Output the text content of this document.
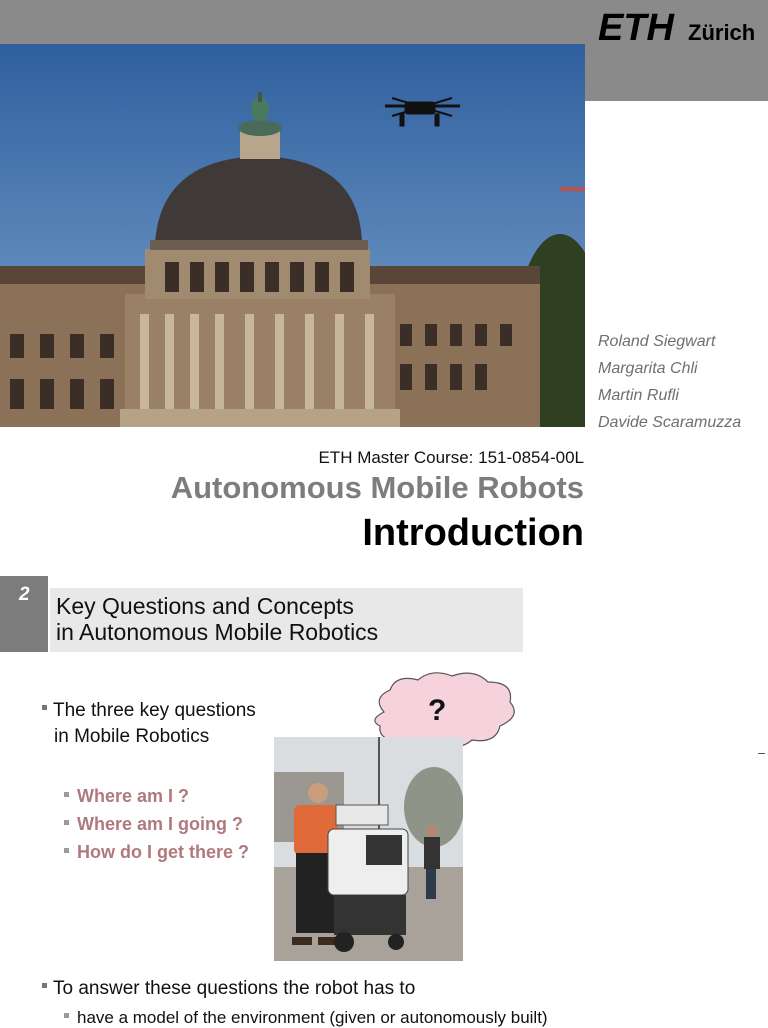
ETH Zürich
Roland Siegwart
Margarita Chli
Martin Rufli
Davide Scaramuzza
ETH Master Course: 151-0854-00L
Autonomous Mobile Robots
Introduction
2 Key Questions and Concepts
in Autonomous Mobile Robotics
The three key questions
in Mobile Robotics
Where am I ?
Where am I going ?
How do I get there ?
?
To answer these questions the robot has to
have a model of the environment (given or autonomously built)
